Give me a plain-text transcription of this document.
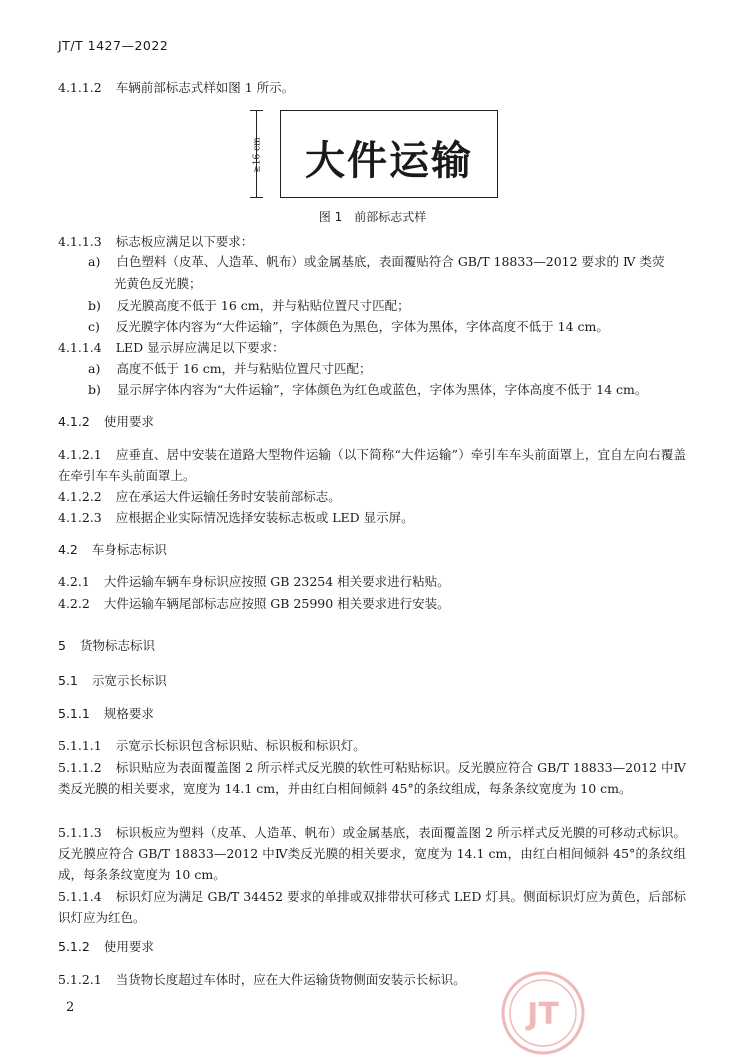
JT/T 1427—2022
4.1.1.2 车辆前部标志式样如图 1 所示。
≥16 cm	大件运输
图 1　前部标志式样
4.1.1.3 标志板应满足以下要求：
a) 白色塑料（皮革、人造革、帆布）或金属基底，表面覆贴符合 GB/T 18833—2012 要求的 Ⅳ 类荧
光黄色反光膜；
b) 反光膜高度不低于 16 cm，并与粘贴位置尺寸匹配；
c) 反光膜字体内容为“大件运输”，字体颜色为黑色，字体为黑体，字体高度不低于 14 cm。
4.1.1.4 LED 显示屏应满足以下要求：
a) 高度不低于 16 cm，并与粘贴位置尺寸匹配；
b) 显示屏字体内容为“大件运输”，字体颜色为红色或蓝色，字体为黑体，字体高度不低于 14 cm。
4.1.2 使用要求
4.1.2.1 应垂直、居中安装在道路大型物件运输（以下简称“大件运输”）牵引车车头前面罩上，宜自左向右覆盖在牵引车车头前面罩上。
4.1.2.2 应在承运大件运输任务时安装前部标志。
4.1.2.3 应根据企业实际情况选择安装标志板或 LED 显示屏。
4.2 车身标志标识
4.2.1 大件运输车辆车身标识应按照 GB 23254 相关要求进行粘贴。
4.2.2 大件运输车辆尾部标志应按照 GB 25990 相关要求进行安装。
5 货物标志标识
5.1 示宽示长标识
5.1.1 规格要求
5.1.1.1 示宽示长标识包含标识贴、标识板和标识灯。
5.1.1.2 标识贴应为表面覆盖图 2 所示样式反光膜的软性可粘贴标识。反光膜应符合 GB/T 18833—2012 中Ⅳ类反光膜的相关要求，宽度为 14.1 cm，并由红白相间倾斜 45°的条纹组成，每条条纹宽度为 10 cm。
5.1.1.3 标识板应为塑料（皮革、人造革、帆布）或金属基底，表面覆盖图 2 所示样式反光膜的可移动式标识。反光膜应符合 GB/T 18833—2012 中Ⅳ类反光膜的相关要求，宽度为 14.1 cm，由红白相间倾斜 45°的条纹组成，每条条纹宽度为 10 cm。
5.1.1.4 标识灯应为满足 GB/T 34452 要求的单排或双排带状可移式 LED 灯具。侧面标识灯应为黄色，后部标识灯应为红色。
5.1.2 使用要求
5.1.2.1 当货物长度超过车体时，应在大件运输货物侧面安装示长标识。
2	JT
